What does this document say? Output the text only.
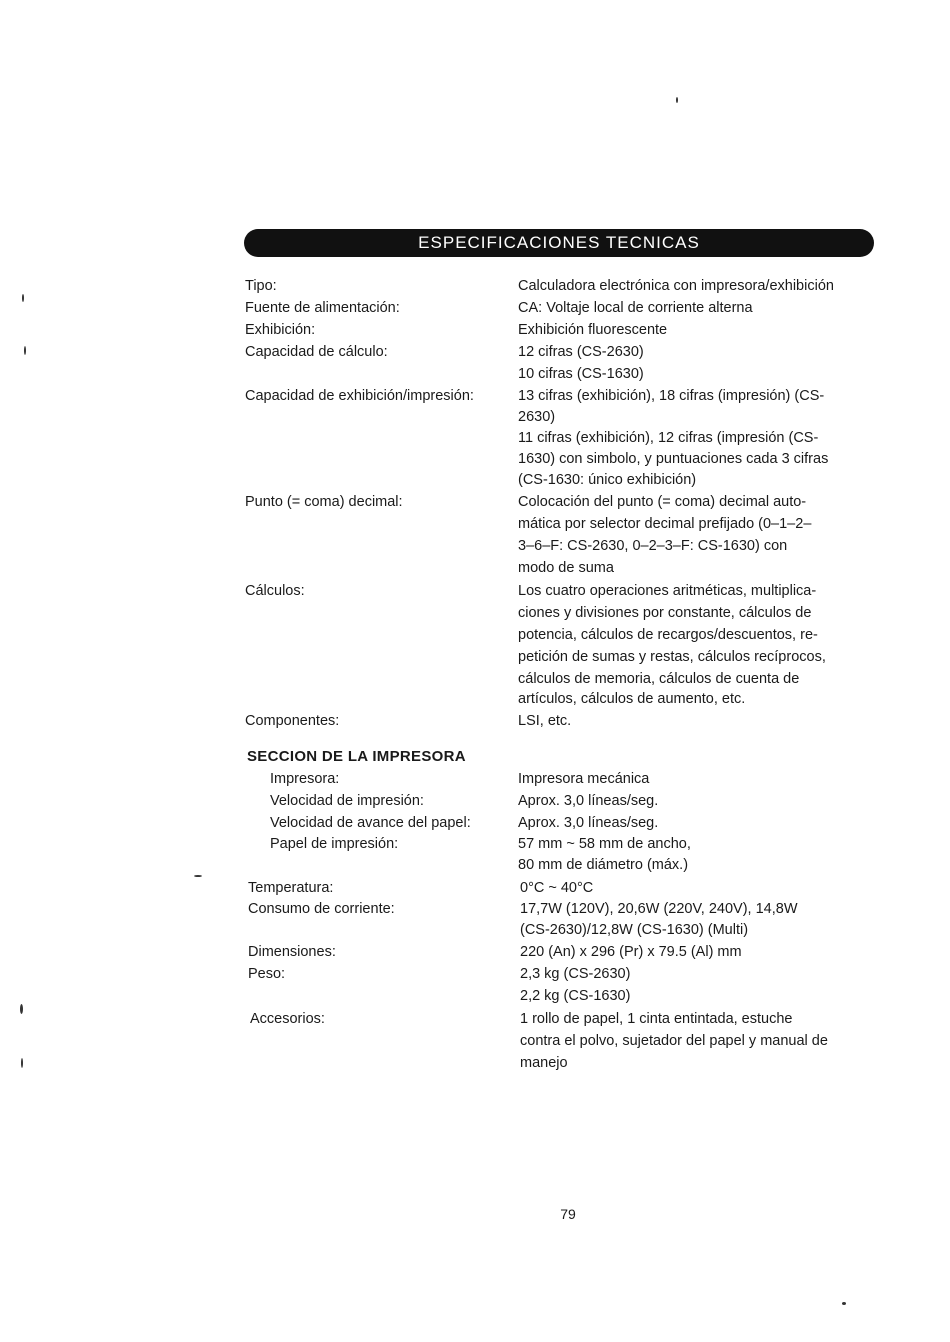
ESPECIFICACIONES TECNICAS
Tipo:	Calculadora electrónica con impresora/exhibición
Fuente de alimentación:	CA: Voltaje local de corriente alterna
Exhibición:	Exhibición fluorescente
Capacidad de cálculo:	12 cifras (CS-2630)
10 cifras (CS-1630)
Capacidad de exhibición/impresión:	13 cifras (exhibición), 18 cifras (impresión) (CS-
2630)
11 cifras (exhibición), 12 cifras (impresión (CS-
1630) con simbolo, y puntuaciones cada 3 cifras
(CS-1630: único exhibición)
Punto (= coma) decimal:	Colocación del punto (= coma) decimal auto-
mática por selector decimal prefijado (0–1–2–
3–6–F: CS-2630, 0–2–3–F: CS-1630) con
modo de suma
Cálculos:	Los cuatro operaciones aritméticas, multiplica-
ciones y divisiones por constante, cálculos de
potencia, cálculos de recargos/descuentos, re-
petición de sumas y restas, cálculos recíprocos,
cálculos de memoria, cálculos de cuenta de
artículos, cálculos de aumento, etc.
Componentes:	LSI, etc.
SECCION DE LA IMPRESORA
Impresora:	Impresora mecánica
Velocidad de impresión:	Aprox. 3,0 líneas/seg.
Velocidad de avance del papel:	Aprox. 3,0 líneas/seg.
Papel de impresión:	57 mm ~ 58 mm de ancho,
80 mm de diámetro (máx.)
Temperatura:	0°C ~ 40°C
Consumo de corriente:	17,7W (120V), 20,6W (220V, 240V), 14,8W
(CS-2630)/12,8W (CS-1630) (Multi)
Dimensiones:	220 (An) x 296 (Pr) x 79.5 (Al) mm
Peso:	2,3 kg (CS-2630)
2,2 kg (CS-1630)
Accesorios:	1 rollo de papel, 1 cinta entintada, estuche
contra el polvo, sujetador del papel y manual de
manejo
79
